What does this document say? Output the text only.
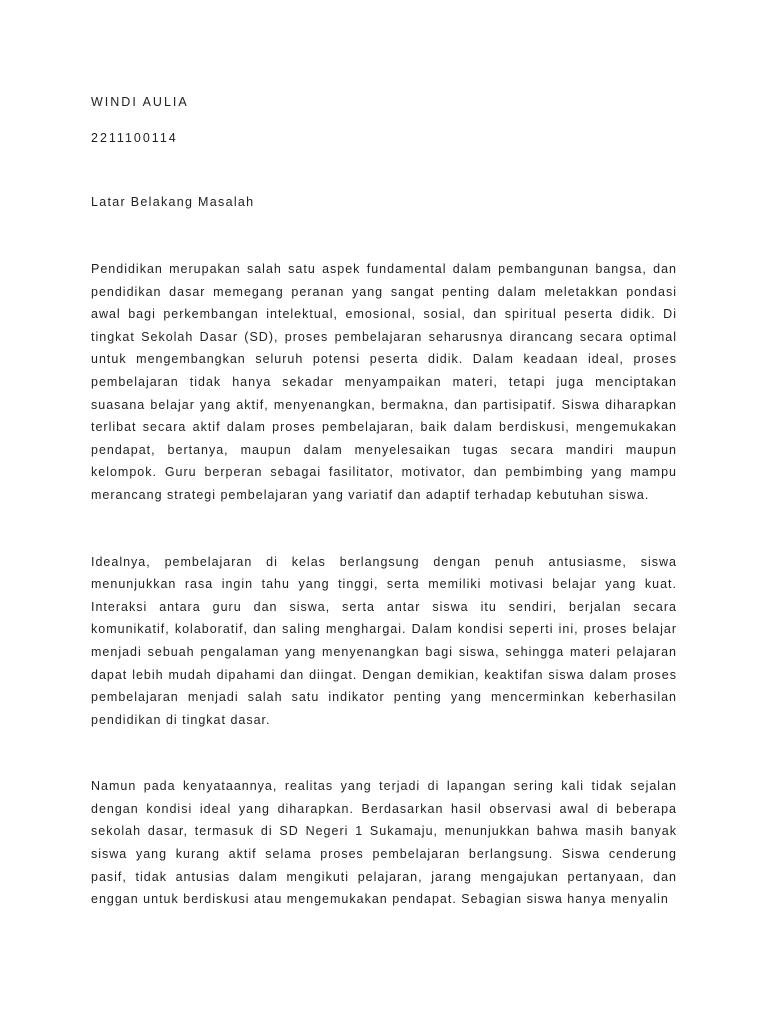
WINDI AULIA

2211100114

Latar Belakang Masalah

Pendidikan merupakan salah satu aspek fundamental dalam pembangunan bangsa, dan pendidikan dasar memegang peranan yang sangat penting dalam meletakkan pondasi awal bagi perkembangan intelektual, emosional, sosial, dan spiritual peserta didik. Di tingkat Sekolah Dasar (SD), proses pembelajaran seharusnya dirancang secara optimal untuk mengembangkan seluruh potensi peserta didik. Dalam keadaan ideal, proses pembelajaran tidak hanya sekadar menyampaikan materi, tetapi juga menciptakan suasana belajar yang aktif, menyenangkan, bermakna, dan partisipatif. Siswa diharapkan terlibat secara aktif dalam proses pembelajaran, baik dalam berdiskusi, mengemukakan pendapat, bertanya, maupun dalam menyelesaikan tugas secara mandiri maupun kelompok. Guru berperan sebagai fasilitator, motivator, dan pembimbing yang mampu merancang strategi pembelajaran yang variatif dan adaptif terhadap kebutuhan siswa.

Idealnya, pembelajaran di kelas berlangsung dengan penuh antusiasme, siswa menunjukkan rasa ingin tahu yang tinggi, serta memiliki motivasi belajar yang kuat. Interaksi antara guru dan siswa, serta antar siswa itu sendiri, berjalan secara komunikatif, kolaboratif, dan saling menghargai. Dalam kondisi seperti ini, proses belajar menjadi sebuah pengalaman yang menyenangkan bagi siswa, sehingga materi pelajaran dapat lebih mudah dipahami dan diingat. Dengan demikian, keaktifan siswa dalam proses pembelajaran menjadi salah satu indikator penting yang mencerminkan keberhasilan pendidikan di tingkat dasar.

Namun pada kenyataannya, realitas yang terjadi di lapangan sering kali tidak sejalan dengan kondisi ideal yang diharapkan. Berdasarkan hasil observasi awal di beberapa sekolah dasar, termasuk di SD Negeri 1 Sukamaju, menunjukkan bahwa masih banyak siswa yang kurang aktif selama proses pembelajaran berlangsung. Siswa cenderung pasif, tidak antusias dalam mengikuti pelajaran, jarang mengajukan pertanyaan, dan enggan untuk berdiskusi atau mengemukakan pendapat. Sebagian siswa hanya menyalin
